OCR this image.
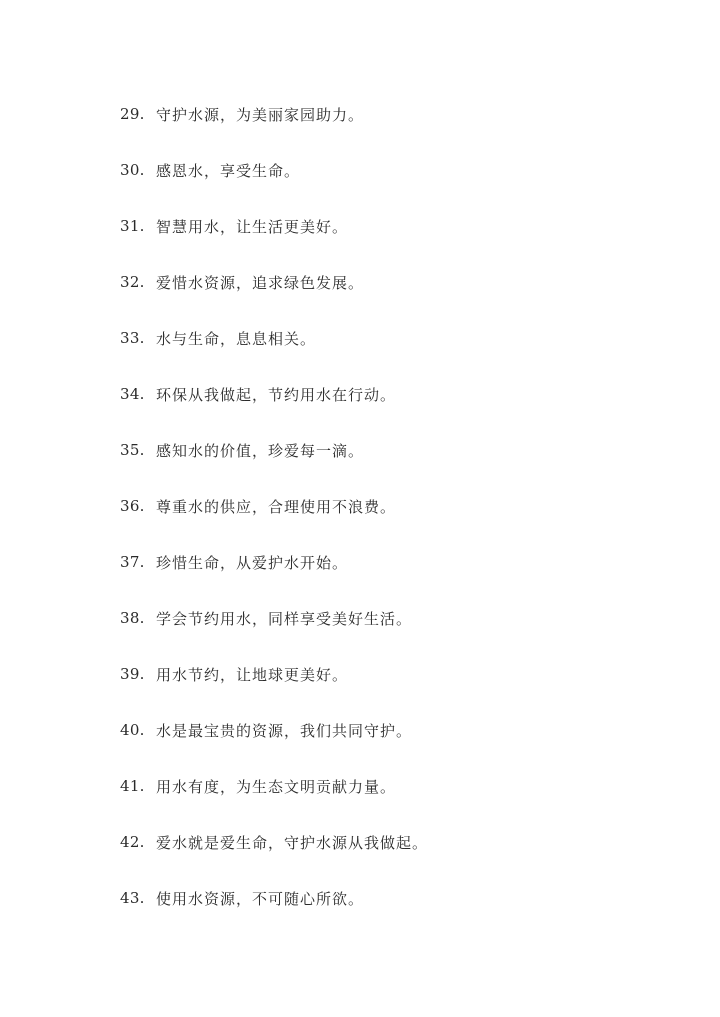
29. 守护水源，为美丽家园助力。
30. 感恩水，享受生命。
31. 智慧用水，让生活更美好。
32. 爱惜水资源，追求绿色发展。
33. 水与生命，息息相关。
34. 环保从我做起，节约用水在行动。
35. 感知水的价值，珍爱每一滴。
36. 尊重水的供应，合理使用不浪费。
37. 珍惜生命，从爱护水开始。
38. 学会节约用水，同样享受美好生活。
39. 用水节约，让地球更美好。
40. 水是最宝贵的资源，我们共同守护。
41. 用水有度，为生态文明贡献力量。
42. 爱水就是爱生命，守护水源从我做起。
43. 使用水资源，不可随心所欲。
